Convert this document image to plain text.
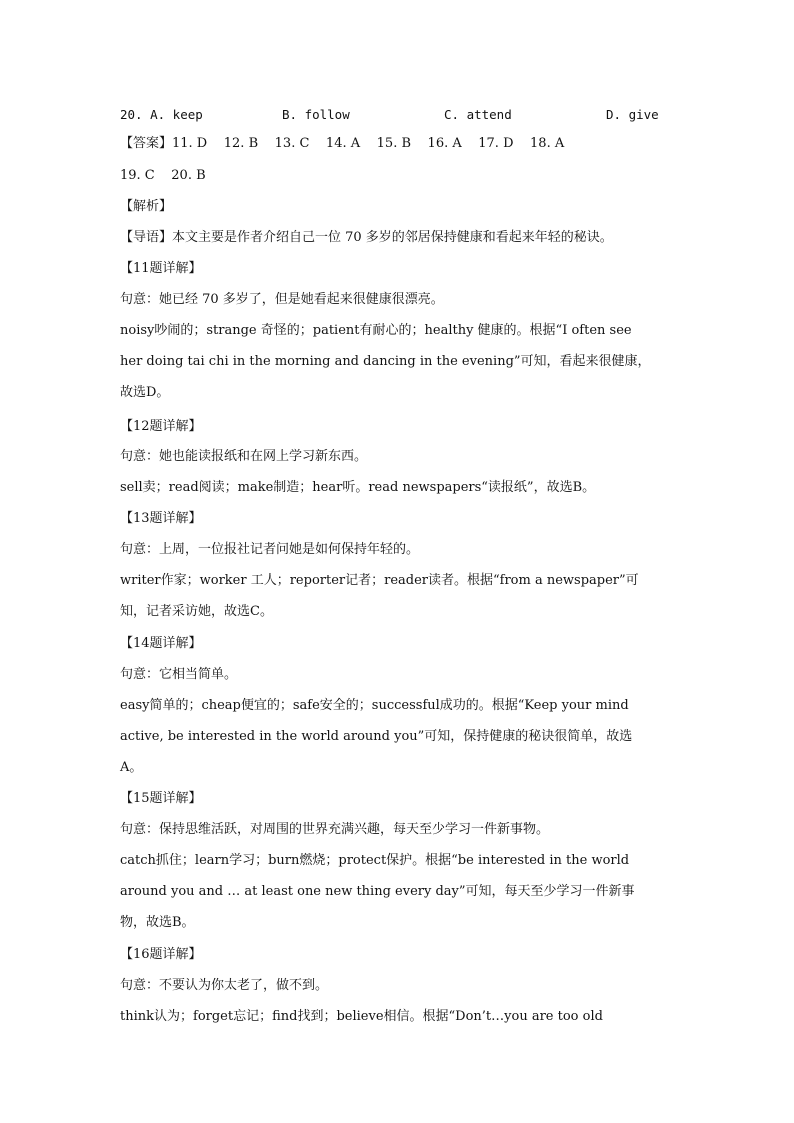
20. A. keep	B. follow	C. attend	D. give
【答案】11. D    12. B    13. C    14. A    15. B    16. A    17. D    18. A
19. C    20. B
【解析】
【导语】本文主要是作者介绍自己一位 70 多岁的邻居保持健康和看起来年轻的秘诀。
【11题详解】
句意：她已经 70 多岁了，但是她看起来很健康很漂亮。
noisy吵闹的；strange 奇怪的；patient有耐心的；healthy 健康的。根据“I often see
her doing tai chi in the morning and dancing in the evening”可知，看起来很健康，
故选D。
【12题详解】
句意：她也能读报纸和在网上学习新东西。
sell卖；read阅读；make制造；hear听。read newspapers“读报纸”，故选B。
【13题详解】
句意：上周，一位报社记者问她是如何保持年轻的。
writer作家；worker 工人；reporter记者；reader读者。根据“from a newspaper”可
知，记者采访她，故选C。
【14题详解】
句意：它相当简单。
easy简单的；cheap便宜的；safe安全的；successful成功的。根据“Keep your mind
active, be interested in the world around you”可知，保持健康的秘诀很简单，故选
A。
【15题详解】
句意：保持思维活跃，对周围的世界充满兴趣，每天至少学习一件新事物。
catch抓住；learn学习；burn燃烧；protect保护。根据“be interested in the world
around you and … at least one new thing every day”可知，每天至少学习一件新事
物，故选B。
【16题详解】
句意：不要认为你太老了，做不到。
think认为；forget忘记；find找到；believe相信。根据“Don’t…you are too old
